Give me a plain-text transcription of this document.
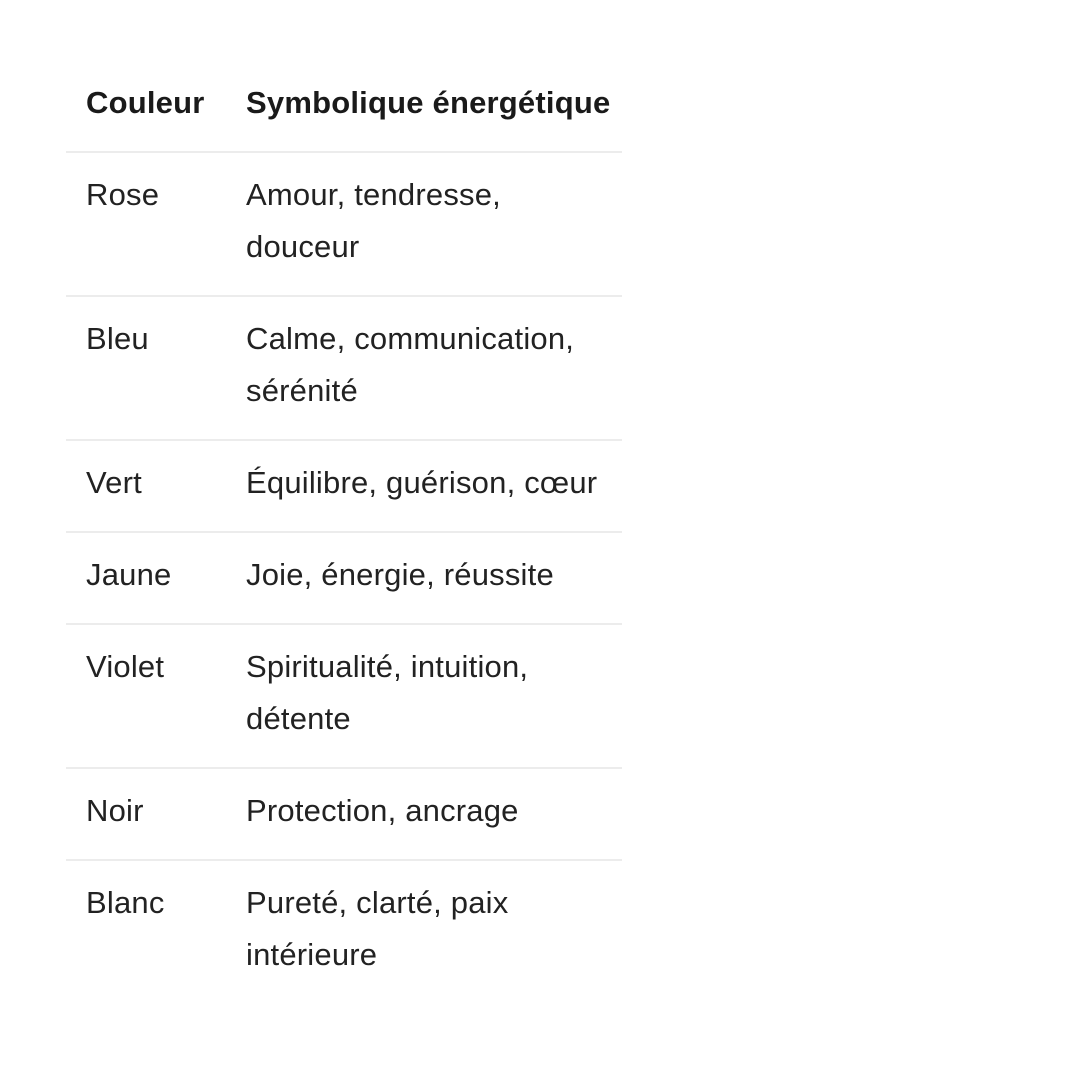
Couleur	Symbolique énergétique
Rose	Amour, tendresse, douceur
Bleu	Calme, communication, sérénité
Vert	Équilibre, guérison, cœur
Jaune	Joie, énergie, réussite
Violet	Spiritualité, intuition, détente
Noir	Protection, ancrage
Blanc	Pureté, clarté, paix intérieure
